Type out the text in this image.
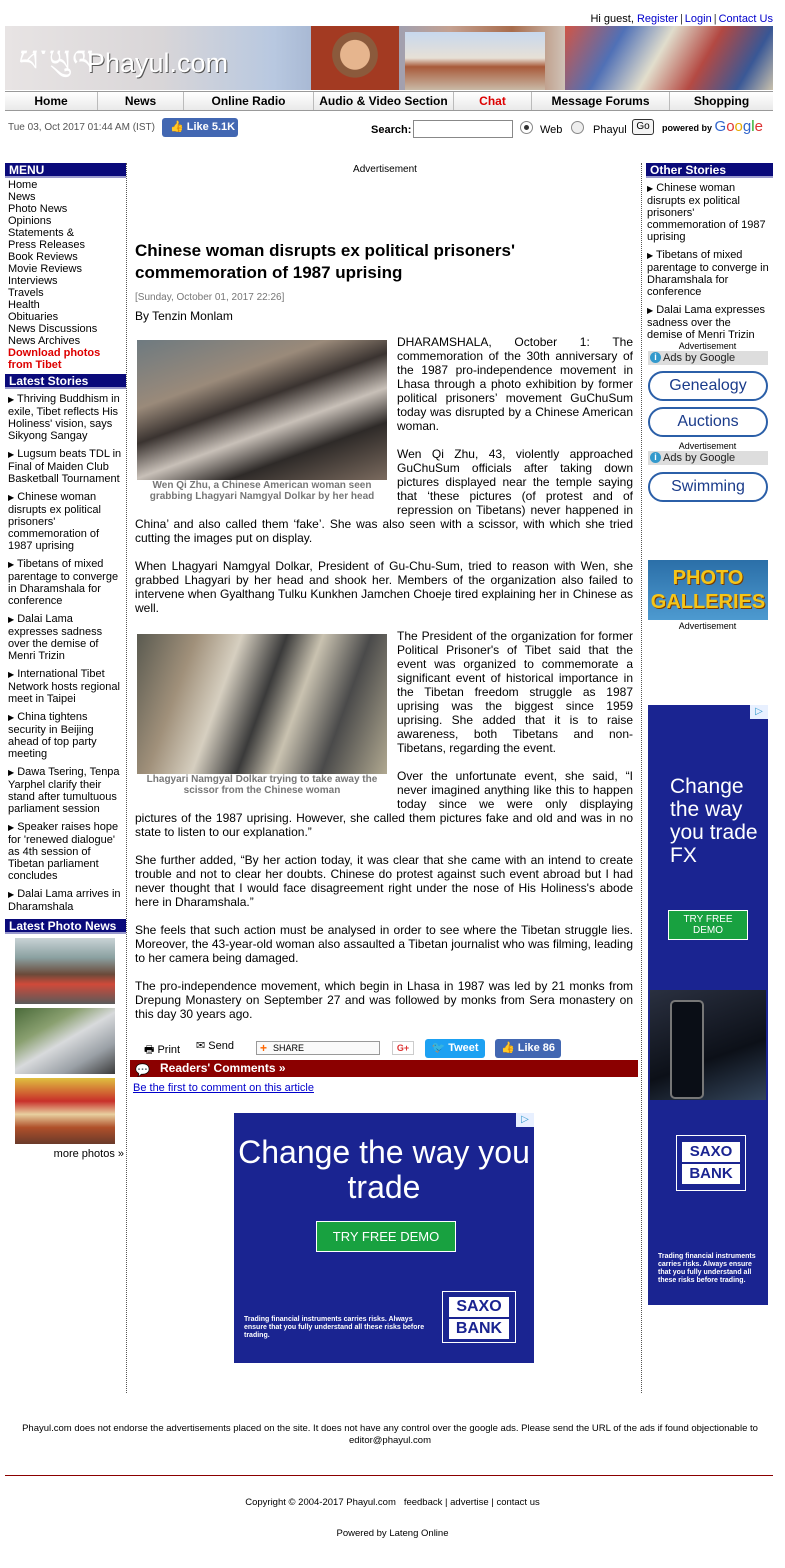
Hi guest, Register | Login | Contact Us
ཕ་ཡུལ
Phayul.com
Home	News	Online Radio	Audio & Video Section	Chat	Message Forums	Shopping
Tue 03, Oct 2017 01:44 AM (IST)	👍 Like 5.1K	Search:	Web	Phayul Go	powered by Google
MENU
Home
News
Photo News
Opinions
Statements &
Press Releases
Book Reviews
Movie Reviews
Interviews
Travels
Health
Obituaries
News Discussions
News Archives
Download photos
from Tibet
Latest Stories
▶ Thriving Buddhism in exile, Tibet reflects His Holiness' vision, says Sikyong Sangay
▶ Lugsum beats TDL in Final of Maiden Club Basketball Tournament
▶ Chinese woman disrupts ex political prisoners' commemoration of 1987 uprising
▶ Tibetans of mixed parentage to converge in Dharamshala for conference
▶ Dalai Lama expresses sadness over the demise of Menri Trizin
▶ International Tibet Network hosts regional meet in Taipei
▶ China tightens security in Beijing ahead of top party meeting
▶ Dawa Tsering, Tenpa Yarphel clarify their stand after tumultuous parliament session
▶ Speaker raises hope for 'renewed dialogue' as 4th session of Tibetan parliament concludes
▶ Dalai Lama arrives in Dharamshala
Latest Photo News
more photos »
Advertisement
Chinese woman disrupts ex political prisoners' commemoration of 1987 uprising
[Sunday, October 01, 2017 22:26]
By Tenzin Monlam
Wen Qi Zhu, a Chinese American woman seen grabbing Lhagyari Namgyal Dolkar by her head

DHARAMSHALA, October 1: The commemoration of the 30th anniversary of the 1987 pro-independence movement in Lhasa through a photo exhibition by former political prisoners’ movement GuChuSum today was disrupted by a Chinese American woman.

Wen Qi Zhu, 43, violently approached GuChuSum officials after taking down pictures displayed near the temple saying that ‘these pictures (of protest and of repression on Tibetans) never happened in China’ and also called them ‘fake’. She was also seen with a scissor, with which she tried cutting the images put on display.

When Lhagyari Namgyal Dolkar, President of Gu-Chu-Sum, tried to reason with Wen, she grabbed Lhagyari by her head and shook her. Members of the organization also failed to intervene when Gyalthang Tulku Kunkhen Jamchen Choeje tired explaining her in Chinese as well.

Lhagyari Namgyal Dolkar trying to take away the scissor from the Chinese woman

The President of the organization for former Political Prisoner's of Tibet said that the event was organized to commemorate a significant event of historical importance in the Tibetan freedom struggle as 1987 uprising was the biggest since 1959 uprising. She added that it is to raise awareness, both Tibetans and non-Tibetans, regarding the event.

Over the unfortunate event, she said, “I never imagined anything like this to happen today since we were only displaying pictures of the 1987 uprising. However, she called them pictures fake and old and was in no state to listen to our explanation.”

She further added, “By her action today, it was clear that she came with an intend to create trouble and not to clear her doubts. Chinese do protest against such event abroad but I had never thought that I would face disagreement right under the nose of His Holiness's abode here in Dharamshala.”

She feels that such action must be analysed in order to see where the Tibetan struggle lies. Moreover, the 43-year-old woman also assaulted a Tibetan journalist who was filming, leading to her camera being damaged.

The pro-independence movement, which begin in Lhasa in 1987 was led by 21 monks from Drepung Monastery on September 27 and was followed by monks from Sera monastery on this day 30 years ago.

🖶 Print ✉ Send
+	SHARE	G+	🐦 Tweet	👍 Like 86
💬 Readers' Comments »
Be the first to comment on this article
▷
Change the way you trade
TRY FREE DEMO
Trading financial instruments carries risks. Always ensure that you fully understand all these risks before trading.
SAXO
BANK
Other Stories
▶ Chinese woman disrupts ex political prisoners' commemoration of 1987 uprising
▶ Tibetans of mixed parentage to converge in Dharamshala for conference
▶ Dalai Lama expresses sadness over the demise of Menri Trizin
Advertisement
i Ads by Google
Genealogy
Auctions
Advertisement
i Ads by Google
Swimming
PHOTO
GALLERIES
Advertisement
▷
Change the way you trade FX
TRY FREE DEMO
SAXO
BANK
Trading financial instruments carries risks. Always ensure that you fully understand all these risks before trading.
Phayul.com does not endorse the advertisements placed on the site. It does not have any control over the google ads. Please send the URL of the ads if found objectionable to editor@phayul.com
Copyright © 2004-2017 Phayul.com feedback | advertise | contact us
Powered by Lateng Online
